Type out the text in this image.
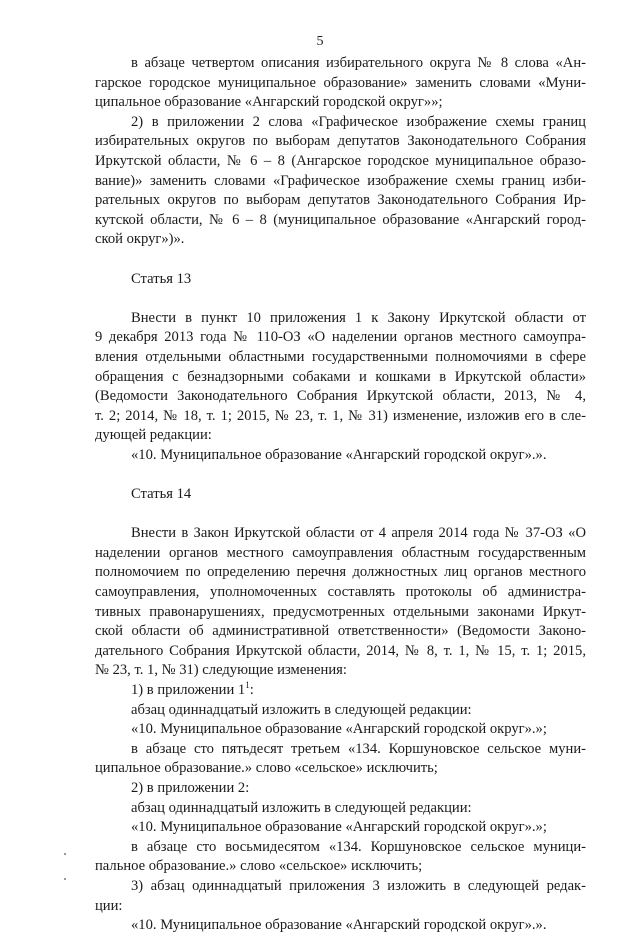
5
в абзаце четвертом описания избирательного округа № 8 слова «Ан-
гарское городское муниципальное образование» заменить словами «Муни-
ципальное образование «Ангарский городской округ»»;
2) в приложении 2 слова «Графическое изображение схемы границ
избирательных округов по выборам депутатов Законодательного Собрания
Иркутской области, № 6 – 8 (Ангарское городское муниципальное образо-
вание)» заменить словами «Графическое изображение схемы границ изби-
рательных округов по выборам депутатов Законодательного Собрания Ир-
кутской области, № 6 – 8 (муниципальное образование «Ангарский город-
ской округ»)».
Статья 13
Внести в пункт 10 приложения 1 к Закону Иркутской области от
9 декабря 2013 года № 110-ОЗ «О наделении органов местного самоупра-
вления отдельными областными государственными полномочиями в сфере
обращения с безнадзорными собаками и кошками в Иркутской области»
(Ведомости Законодательного Собрания Иркутской области, 2013, № 4,
т. 2; 2014, № 18, т. 1; 2015, № 23, т. 1, № 31) изменение, изложив его в сле-
дующей редакции:
«10. Муниципальное образование «Ангарский городской округ».».
Статья 14
Внести в Закон Иркутской области от 4 апреля 2014 года № 37-ОЗ «О
наделении органов местного самоуправления областным государственным
полномочием по определению перечня должностных лиц органов местного
самоуправления, уполномоченных составлять протоколы об администра-
тивных правонарушениях, предусмотренных отдельными законами Иркут-
ской области об административной ответственности» (Ведомости Законо-
дательного Собрания Иркутской области, 2014, № 8, т. 1, № 15, т. 1; 2015,
№ 23, т. 1, № 31) следующие изменения:
1) в приложении $1^1$:
абзац одиннадцатый изложить в следующей редакции:
«10. Муниципальное образование «Ангарский городской округ».»;
в абзаце сто пятьдесят третьем «134. Коршуновское сельское муни-
ципальное образование.» слово «сельское» исключить;
2) в приложении 2:
абзац одиннадцатый изложить в следующей редакции:
«10. Муниципальное образование «Ангарский городской округ».»;
в абзаце сто восьмидесятом «134. Коршуновское сельское муници-
пальное образование.» слово «сельское» исключить;
3) абзац одиннадцатый приложения 3 изложить в следующей редак-
ции:
«10. Муниципальное образование «Ангарский городской округ».».
